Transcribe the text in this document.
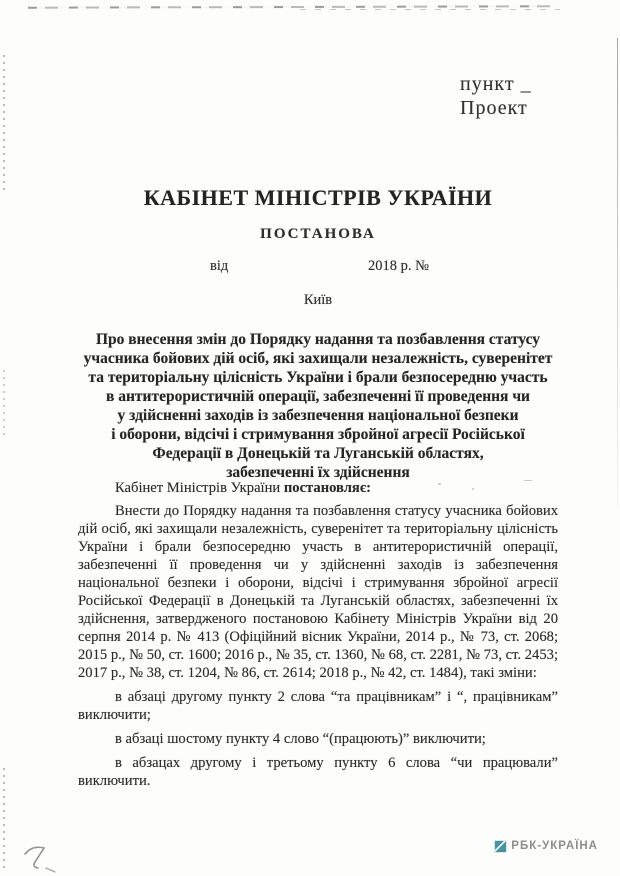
пункт _
Проект
КАБІНЕТ МІНІСТРІВ УКРАЇНИ
ПОСТАНОВА
від	2018 р. №
Київ
Про внесення змін до Порядку надання та позбавлення статусу
учасника бойових дій осіб, які захищали незалежність, суверенітет
та територіальну цілісність України і брали безпосередню участь
в антитерористичній операції, забезпеченні її проведення чи
у здійсненні заходів із забезпечення національної безпеки
і оборони, відсічі і стримування збройної агресії Російської
Федерації в Донецькій та Луганській областях,
забезпеченні їх здійснення

Кабінет Міністрів України постановляє:

Внести до Порядку надання та позбавлення статусу учасника бойових дій осіб, які захищали незалежність, суверенітет та територіальну цілісність України і брали безпосередню участь в антитерористичній операції, забезпеченні її проведення чи у здійсненні заходів із забезпечення національної безпеки і оборони, відсічі і стримування збройної агресії Російської Федерації в Донецькій та Луганській областях, забезпеченні їх здійснення, затвердженого постановою Кабінету Міністрів України від 20 серпня 2014 р. № 413 (Офіційний вісник України, 2014 р., № 73, ст. 2068; 2015 р., № 50, ст. 1600; 2016 р., № 35, ст. 1360, № 68, ст. 2281, № 73, ст. 2453; 2017 р., № 38, ст. 1204, № 86, ст. 2614; 2018 р., № 42, ст. 1484), такі зміни:

в абзаці другому пункту 2 слова “та працівникам” і “, працівникам” виключити;

в абзаці шостому пункту 4 слово “(працюють)” виключити;

в абзацах другому і третьому пункту 6 слова “чи працювали” виключити.

РБК-УКРАЇНА
